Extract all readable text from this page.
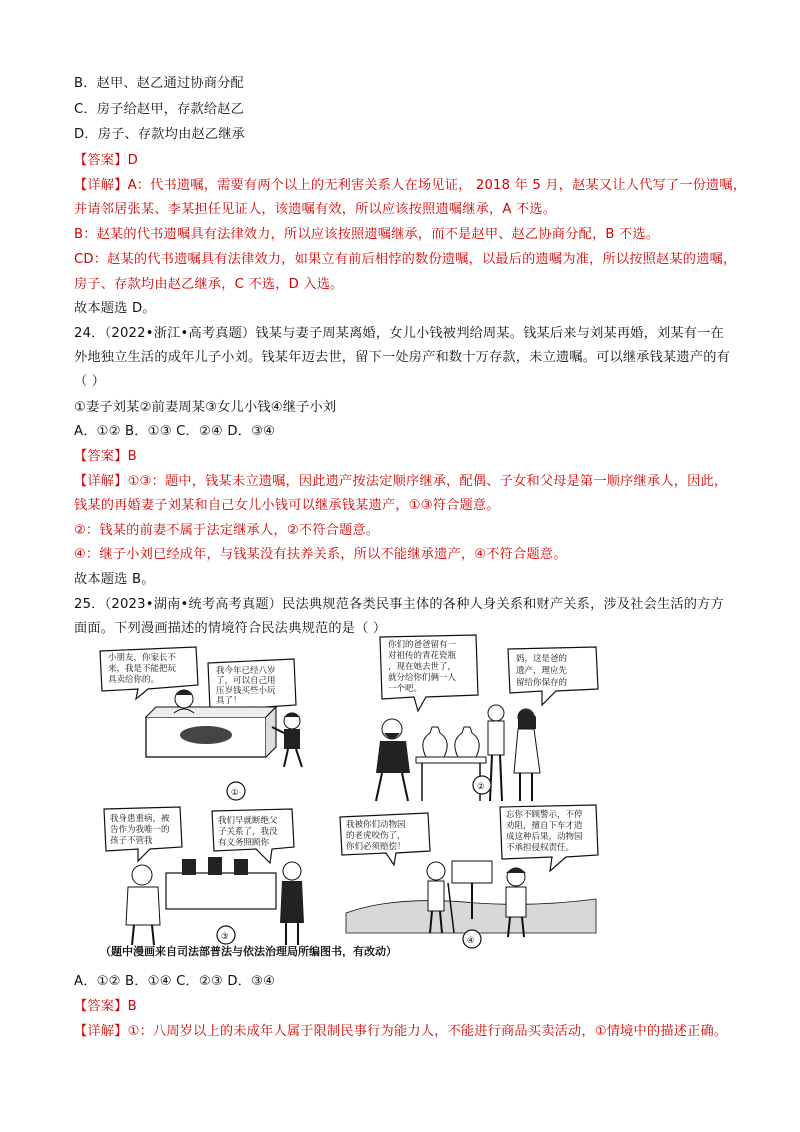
B．赵甲、赵乙通过协商分配
C．房子给赵甲，存款给赵乙
D．房子、存款均由赵乙继承
【答案】D
【详解】A：代书遗嘱，需要有两个以上的无利害关系人在场见证， 2018 年 5 月，赵某又让人代写了一份遗嘱，
并请邻居张某、李某担任见证人，该遗嘱有效，所以应该按照遗嘱继承，A 不选。
B：赵某的代书遗嘱具有法律效力，所以应该按照遗嘱继承，而不是赵甲、赵乙协商分配，B 不选。
CD：赵某的代书遗嘱具有法律效力，如果立有前后相悖的数份遗嘱，以最后的遗嘱为准，所以按照赵某的遗嘱，
房子、存款均由赵乙继承，C 不选，D 入选。
故本题选 D。
24．（2022•浙江•高考真题）钱某与妻子周某离婚，女儿小钱被判给周某。钱某后来与刘某再婚，刘某有一在
外地独立生活的成年儿子小刘。钱某年迈去世，留下一处房产和数十万存款，未立遗嘱。可以继承钱某遗产的有
（ ）
①妻子刘某②前妻周某③女儿小钱④继子小刘
A．①② B．①③ C．②④ D．③④
【答案】B
【详解】①③：题中，钱某未立遗嘱，因此遗产按法定顺序继承，配偶、子女和父母是第一顺序继承人，因此，
钱某的再婚妻子刘某和自己女儿小钱可以继承钱某遗产，①③符合题意。
②：钱某的前妻不属于法定继承人，②不符合题意。
④：继子小刘已经成年，与钱某没有扶养关系，所以不能继承遗产，④不符合题意。
故本题选 B。
25．（2023•湖南•统考高考真题）民法典规范各类民事主体的各种人身关系和财产关系，涉及社会生活的方方
面面。下列漫画描述的情境符合民法典规范的是（ ）
小朋友，你家长不
来，我是不能把玩
具卖给你的。
我今年已经八岁
了，可以自己用
压岁钱买些小玩
具了！
①
你们的爸爸留有一
对祖传的青花瓷瓶
，现在她去世了，
就分给你们俩一人
一个吧。
妈，这是爸的
遗产，理应先
留给你保存的
②
我身患重病，被
告作为我唯一的
孩子不管我
我们早就断绝父
子关系了，我没
有义务照顾你
③
我被你们动物园
的老虎咬伤了，
你们必须赔偿！
忘你不顾警示，不停
劝阻，擅自下车才造
成这种后果，动物园
不承担侵权责任。
④
（题中漫画来自司法部普法与依法治理局所编图书，有改动）
A．①② B．①④ C．②③ D．③④
【答案】B
【详解】①：八周岁以上的未成年人属于限制民事行为能力人，不能进行商品买卖活动，①情境中的描述正确。
